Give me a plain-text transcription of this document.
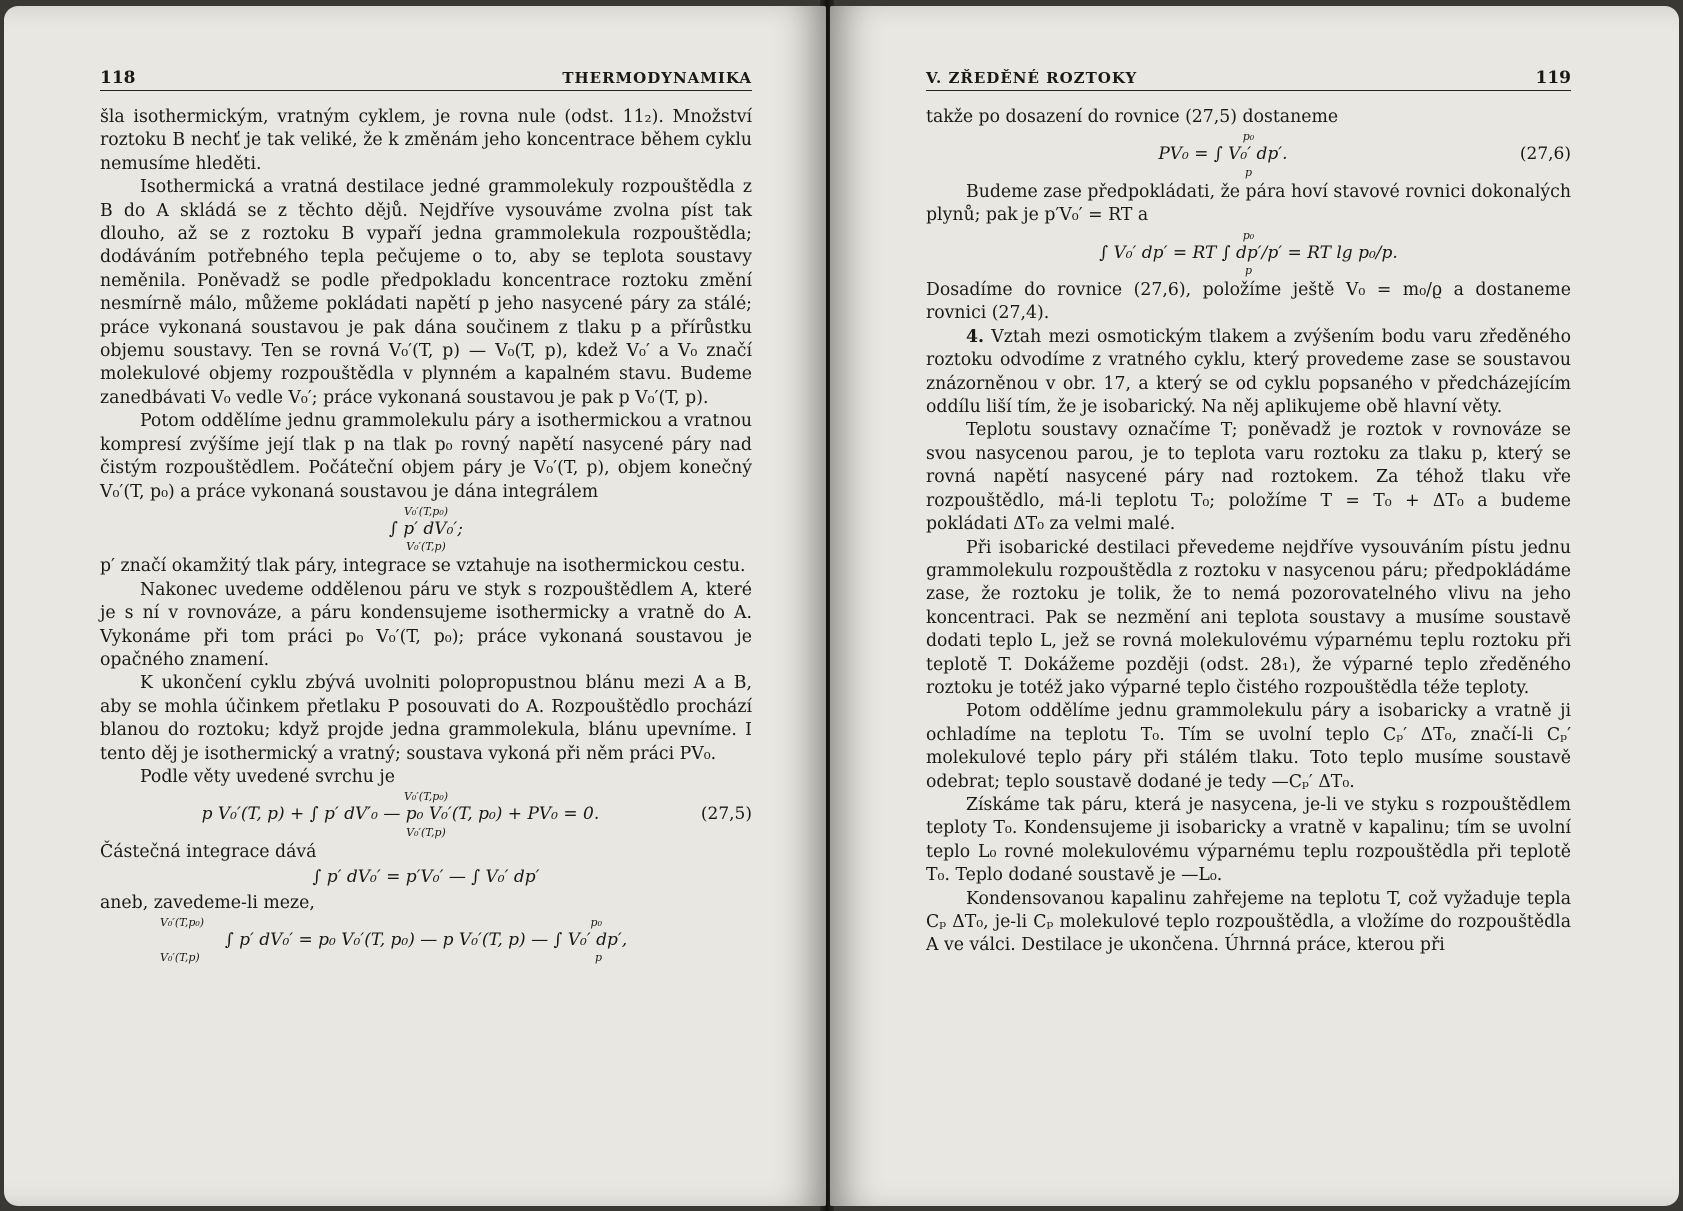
118	THERMODYNAMIKA

šla isothermickým, vratným cyklem, je rovna nule (odst. 11₂). Množství roztoku B nechť je tak veliké, že k změnám jeho koncentrace během cyklu nemusíme hleděti.

Isothermická a vratná destilace jedné grammolekuly rozpouštědla z B do A skládá se z těchto dějů. Nejdříve vysouváme zvolna píst tak dlouho, až se z roztoku B vypaří jedna grammolekula rozpouštědla; dodáváním potřebného tepla pečujeme o to, aby se teplota soustavy neměnila. Poněvadž se podle předpokladu koncentrace roztoku změní nesmírně málo, můžeme pokládati napětí p jeho nasycené páry za stálé; práce vykonaná soustavou je pak dána součinem z tlaku p a přírůstku objemu soustavy. Ten se rovná V₀′(T, p) — V₀(T, p), kdež V₀′ a V₀ značí molekulové objemy rozpouštědla v plynném a kapalném stavu. Budeme zanedbávati V₀ vedle V₀′; práce vykonaná soustavou je pak p V₀′(T, p).

Potom oddělíme jednu grammolekulu páry a isothermickou a vratnou kompresí zvýšíme její tlak p na tlak p₀ rovný napětí nasycené páry nad čistým rozpouštědlem. Počáteční objem páry je V₀′(T, p), objem konečný V₀′(T, p₀) a práce vykonaná soustavou je dána integrálem

V₀′(T,p₀)
∫ p′ dV₀′;
V₀′(T,p)

p′ značí okamžitý tlak páry, integrace se vztahuje na isothermickou cestu.

Nakonec uvedeme oddělenou páru ve styk s rozpouštědlem A, které je s ní v rovnováze, a páru kondensujeme isothermicky a vratně do A. Vykonáme při tom práci p₀ V₀′(T, p₀); práce vykonaná soustavou je opačného znamení.

K ukončení cyklu zbývá uvolniti polopropustnou blánu mezi A a B, aby se mohla účinkem přetlaku P posouvati do A. Rozpouštědlo prochází blanou do roztoku; když projde jedna grammolekula, blánu upevníme. I tento děj je isothermický a vratný; soustava vykoná při něm práci PV₀.

Podle věty uvedené svrchu je

V₀′(T,p₀)
p V₀′(T, p) + ∫ p′ dV′₀ — p₀ V₀′(T, p₀) + PV₀ = 0.	(27,5)
V₀′(T,p)

Částečná integrace dává

∫ p′ dV₀′ = p′V₀′ — ∫ V₀′ dp′

aneb, zavedeme-li meze,

V₀′(T,p₀)	p₀
∫ p′ dV₀′ = p₀ V₀′(T, p₀) — p V₀′(T, p) — ∫ V₀′ dp′,
V₀′(T,p)	p
V. ZŘEDĚNÉ ROZTOKY	119

takže po dosazení do rovnice (27,5) dostaneme

p₀
PV₀ = ∫ V₀′ dp′.	(27,6)
p

Budeme zase předpokládati, že pára hoví stavové rovnici dokonalých plynů; pak je p′V₀′ = RT a

p₀
∫ V₀′ dp′ = RT ∫ dp′/p′ = RT lg p₀/p.
p

Dosadíme do rovnice (27,6), položíme ještě V₀ = m₀/ϱ a dostaneme rovnici (27,4).

4. Vztah mezi osmotickým tlakem a zvýšením bodu varu zředěného roztoku odvodíme z vratného cyklu, který provedeme zase se soustavou znázorněnou v obr. 17, a který se od cyklu popsaného v předcházejícím oddílu liší tím, že je isobarický. Na něj aplikujeme obě hlavní věty.

Teplotu soustavy označíme T; poněvadž je roztok v rovnováze se svou nasycenou parou, je to teplota varu roztoku za tlaku p, který se rovná napětí nasycené páry nad roztokem. Za téhož tlaku vře rozpouštědlo, má-li teplotu T₀; položíme T = T₀ + ΔT₀ a budeme pokládati ΔT₀ za velmi malé.

Při isobarické destilaci převedeme nejdříve vysouváním pístu jednu grammolekulu rozpouštědla z roztoku v nasycenou páru; předpokládáme zase, že roztoku je tolik, že to nemá pozorovatelného vlivu na jeho koncentraci. Pak se nezmění ani teplota soustavy a musíme soustavě dodati teplo L, jež se rovná molekulovému výparnému teplu roztoku při teplotě T. Dokážeme později (odst. 28₁), že výparné teplo zředěného roztoku je totéž jako výparné teplo čistého rozpouštědla téže teploty.

Potom oddělíme jednu grammolekulu páry a isobaricky a vratně ji ochladíme na teplotu T₀. Tím se uvolní teplo Cₚ′ ΔT₀, značí-li Cₚ′ molekulové teplo páry při stálém tlaku. Toto teplo musíme soustavě odebrat; teplo soustavě dodané je tedy —Cₚ′ ΔT₀.

Získáme tak páru, která je nasycena, je-li ve styku s rozpouštědlem teploty T₀. Kondensujeme ji isobaricky a vratně v kapalinu; tím se uvolní teplo L₀ rovné molekulovému výparnému teplu rozpouštědla při teplotě T₀. Teplo dodané soustavě je —L₀.

Kondensovanou kapalinu zahřejeme na teplotu T, což vyžaduje tepla Cₚ ΔT₀, je-li Cₚ molekulové teplo rozpouštědla, a vložíme do rozpouštědla A ve válci. Destilace je ukončena. Úhrnná práce, kterou při
